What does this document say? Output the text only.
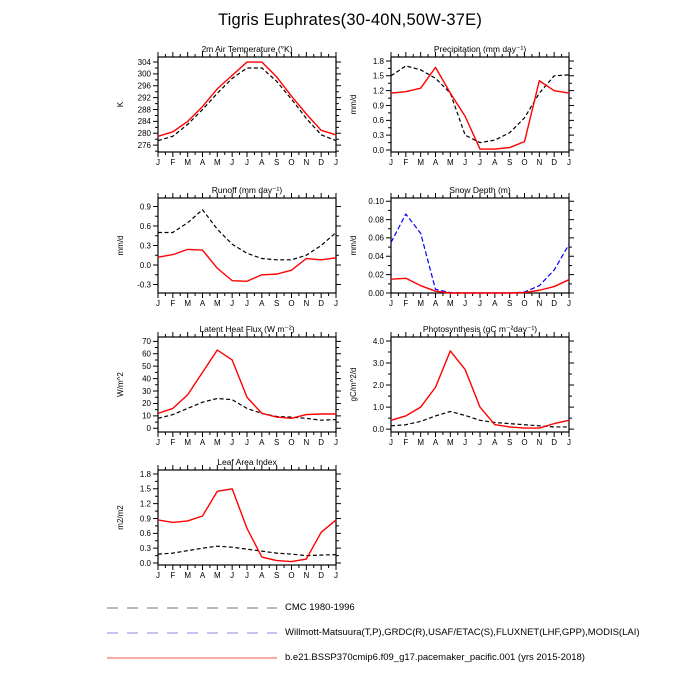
Tigris Euphrates(30-40N,50W-37E)
2m Air Temperature (°K)
K
276
280
284
288
292
296
300
304
J F M A M J J A S O N D J
Precipitation (mm day⁻¹)
mm/d
0.0
0.3
0.6
0.9
1.2
1.5
1.8
J F M A M J J A S O N D J
Runoff (mm day⁻¹)
mm/d
-0.3
0.0
0.3
0.6
0.9
J F M A M J J A S O N D J
Snow Depth (m)
mm/d
0.00
0.02
0.04
0.06
0.08
0.10
J F M A M J J A S O N D J
Latent Heat Flux (W m⁻²)
W/m^2
0
10
20
30
40
50
60
70
J F M A M J J A S O N D J
Photosynthesis (gC m⁻²day⁻¹)
gC/m^2/d
0.0
1.0
2.0
3.0
4.0
J F M A M J J A S O N D J
Leaf Area Index
m2/m2
0.0
0.3
0.6
0.9
1.2
1.5
1.8
J F M A M J J A S O N D J
CMC 1980-1996
Willmott-Matsuura(T,P),GRDC(R),USAF/ETAC(S),FLUXNET(LHF,GPP),MODIS(LAI)
b.e21.BSSP370cmip6.f09_g17.pacemaker_pacific.001 (yrs 2015-2018)
